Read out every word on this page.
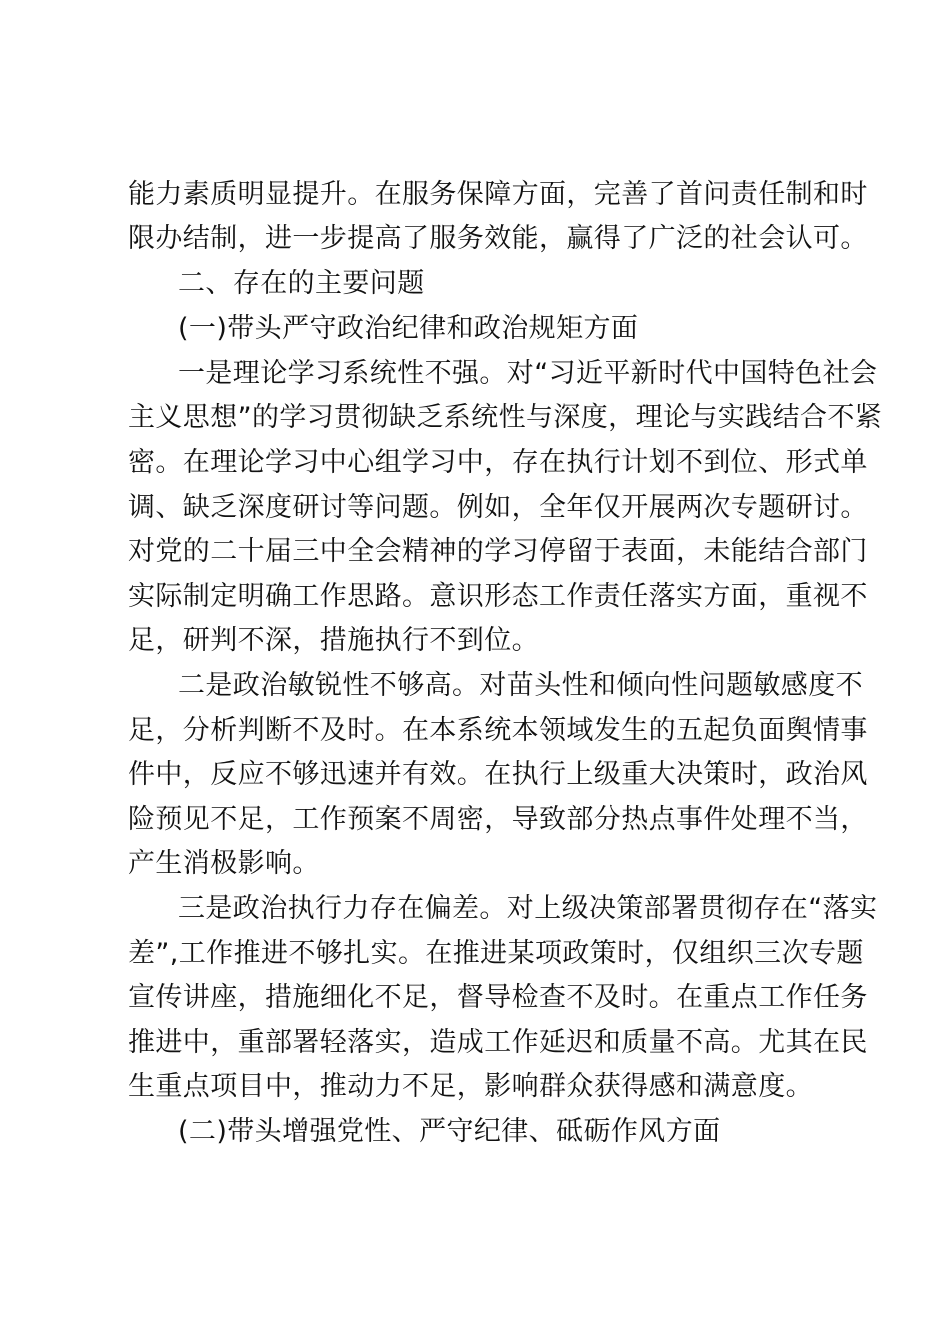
能力素质明显提升。在服务保障方面，完善了首问责任制和时
限办结制，进一步提高了服务效能，赢得了广泛的社会认可。
二、存在的主要问题
(一)带头严守政治纪律和政治规矩方面
一是理论学习系统性不强。对“习近平新时代中国特色社会
主义思想”的学习贯彻缺乏系统性与深度，理论与实践结合不紧
密。在理论学习中心组学习中，存在执行计划不到位、形式单
调、缺乏深度研讨等问题。例如，全年仅开展两次专题研讨。
对党的二十届三中全会精神的学习停留于表面，未能结合部门
实际制定明确工作思路。意识形态工作责任落实方面，重视不
足，研判不深，措施执行不到位。
二是政治敏锐性不够高。对苗头性和倾向性问题敏感度不
足，分析判断不及时。在本系统本领域发生的五起负面舆情事
件中，反应不够迅速并有效。在执行上级重大决策时，政治风
险预见不足，工作预案不周密，导致部分热点事件处理不当，
产生消极影响。
三是政治执行力存在偏差。对上级决策部署贯彻存在“落实
差”,工作推进不够扎实。在推进某项政策时，仅组织三次专题
宣传讲座，措施细化不足，督导检查不及时。在重点工作任务
推进中，重部署轻落实，造成工作延迟和质量不高。尤其在民
生重点项目中，推动力不足，影响群众获得感和满意度。
(二)带头增强党性、严守纪律、砥砺作风方面
